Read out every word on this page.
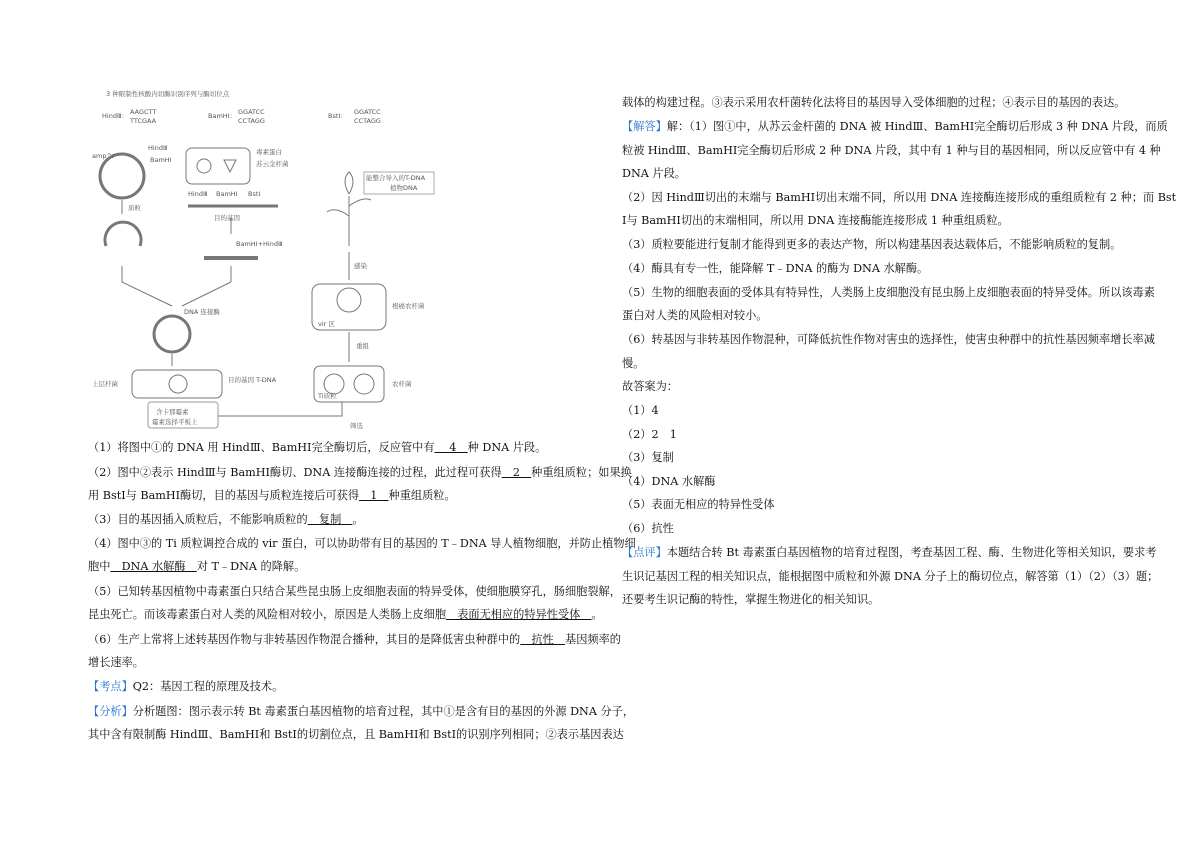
3 种限制性核酸内切酶识别序列与酶切位点
HindⅢ： AAGCTT
TTCGAA
BamHⅠ： GGATCC
CCTAGG
BstⅠ： GGATCC
CCTAGG
amp^r
HindⅢ
BamHⅠ
毒素蛋白
苏云金杆菌
HindⅢ BamHⅠ BstⅠ
目的基因
质粒
BamHⅠ+HindⅢ
DNA 连接酶
能整合导入的T-DNA
植物DNA
感染
根癌农杆菌
重组
农杆菌
目的基因 T-DNA
上层杆菌
筛选
含卡那霉素
霉素选择平板上
Ti质粒
vir 区
（1）将图中①的 DNA 用 HindⅢ、BamHⅠ完全酶切后，反应管中有　 4　种 DNA 片段。
（2）图中②表示 HindⅢ与 BamHⅠ酶切、DNA 连接酶连接的过程，此过程可获得　2　种重组质粒；如果换
用 BstⅠ与 BamHⅠ酶切，目的基因与质粒连接后可获得　1　种重组质粒。
（3）目的基因插入质粒后，不能影响质粒的　复制　。
（4）图中③的 Ti 质粒调控合成的 vir 蛋白，可以协助带有目的基因的 T﹣DNA 导人植物细胞，并防止植物细
胞中　DNA 水解酶　对 T﹣DNA 的降解。
（5）已知转基因植物中毒素蛋白只结合某些昆虫肠上皮细胞表面的特异受体，使细胞膜穿孔，肠细胞裂解，
昆虫死亡。而该毒素蛋白对人类的风险相对较小，原因是人类肠上皮细胞　表面无相应的特异性受体　。
（6）生产上常将上述转基因作物与非转基因作物混合播种，其目的是降低害虫种群中的　抗性　基因频率的
增长速率。
【考点】Q2：基因工程的原理及技术。
【分析】分析题图：图示表示转 Bt 毒素蛋白基因植物的培育过程，其中①是含有目的基因的外源 DNA 分子，
其中含有限制酶 HindⅢ、BamHⅠ和 BstⅠ的切割位点，且 BamHⅠ和 BstⅠ的识别序列相同；②表示基因表达
载体的构建过程。③表示采用农杆菌转化法将目的基因导入受体细胞的过程；④表示目的基因的表达。
【解答】解：（1）图①中，从苏云金杆菌的 DNA 被 HindⅢ、BamHⅠ完全酶切后形成 3 种 DNA 片段，而质
粒被 HindⅢ、BamHⅠ完全酶切后形成 2 种 DNA 片段，其中有 1 种与目的基因相同，所以反应管中有 4 种
DNA 片段。
（2）因 HindⅢ切出的末端与 BamHⅠ切出末端不同，所以用 DNA 连接酶连接形成的重组质粒有 2 种；而 Bst
Ⅰ与 BamHⅠ切出的末端相同，所以用 DNA 连接酶能连接形成 1 种重组质粒。
（3）质粒要能进行复制才能得到更多的表达产物，所以构建基因表达载体后，不能影响质粒的复制。
（4）酶具有专一性，能降解 T﹣DNA 的酶为 DNA 水解酶。
（5）生物的细胞表面的受体具有特异性，人类肠上皮细胞没有昆虫肠上皮细胞表面的特异受体。所以该毒素
蛋白对人类的风险相对较小。
（6）转基因与非转基因作物混种，可降低抗性作物对害虫的选择性，使害虫种群中的抗性基因频率增长率减
慢。
故答案为：
（1）4
（2）2　1
（3）复制
（4）DNA 水解酶
（5）表面无相应的特异性受体
（6）抗性
【点评】本题结合转 Bt 毒素蛋白基因植物的培育过程图，考查基因工程、酶、生物进化等相关知识，要求考
生识记基因工程的相关知识点，能根据图中质粒和外源 DNA 分子上的酶切位点，解答第（1）（2）（3）题；
还要考生识记酶的特性，掌握生物进化的相关知识。
